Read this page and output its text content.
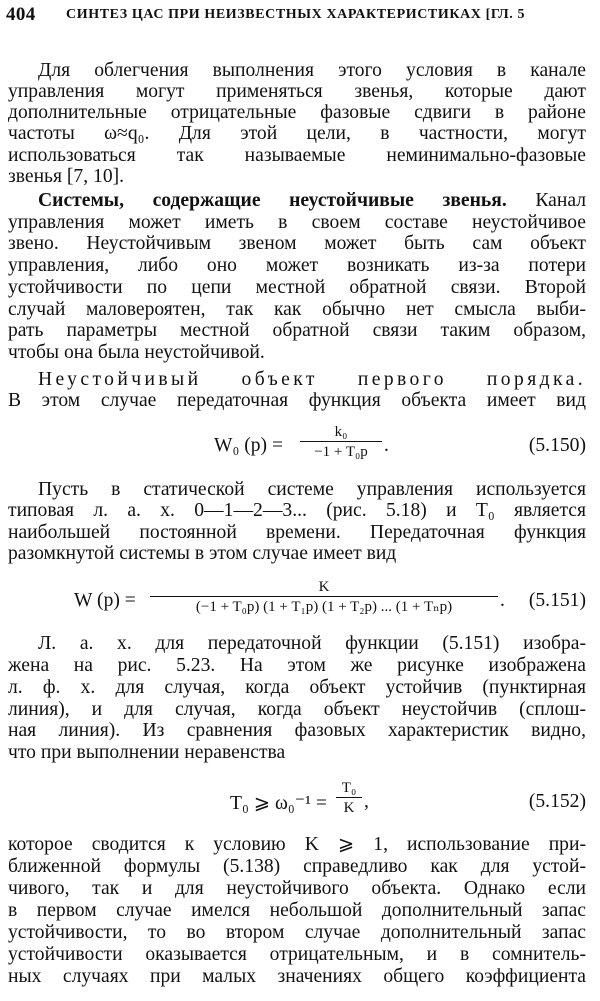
404 СИНТЕЗ ЦАС ПРИ НЕИЗВЕСТНЫХ ХАРАКТЕРИСТИКАХ [ГЛ. 5
Для облегчения выполнения этого условия в канале
управления могут применяться звенья, которые дают
дополнительные отрицательные фазовые сдвиги в районе
частоты ω≈q₀. Для этой цели, в частности, могут
использоваться так называемые неминимально-фазовые
звенья [7, 10].
Системы, содержащие неустойчивые звенья. Канал
управления может иметь в своем составе неустойчивое
звено. Неустойчивым звеном может быть сам объект
управления, либо оно может возникать из-за потери
устойчивости по цепи местной обратной связи. Второй
случай маловероятен, так как обычно нет смысла выби-
рать параметры местной обратной связи таким образом,
чтобы она была неустойчивой.
Неустойчивый объект первого порядка.
В этом случае передаточная функция объекта имеет вид
W₀ $(p) = \frac{\text{k₀}}{\text{−1 + T₀p}}$ .	(5.150)
Пусть в статической системе управления используется
типовая л. а. х. 0—1—2—3... (рис. 5.18) и T₀ является
наибольшей постоянной времени. Передаточная функция
разомкнутой системы в этом случае имеет вид
W (p) =
K
(−1 + T₀p) (1 + T₁p) (1 + T₂p) ... (1 + Tₙp)	. (5.151)
Л. а. х. для передаточной функции (5.151) изобра-
жена на рис. 5.23. На этом же рисунке изображена
л. ф. х. для случая, когда объект устойчив (пунктирная
линия), и для случая, когда объект неустойчив (сплош-
ная линия). Из сравнения фазовых характеристик видно,
что при выполнении неравенства
T₀ ⩾ $\omega_0^{-1} = \frac{\text{T₀}}{K}$ ,	(5.152)
которое сводится к условию K ⩾ 1, использование при-
ближенной формулы (5.138) справедливо как для устой-
чивого, так и для неустойчивого объекта. Однако если
в первом случае имелся небольшой дополнительный запас
устойчивости, то во втором случае дополнительный запас
устойчивости оказывается отрицательным, и в сомнитель-
ных случаях при малых значениях общего коэффициента
